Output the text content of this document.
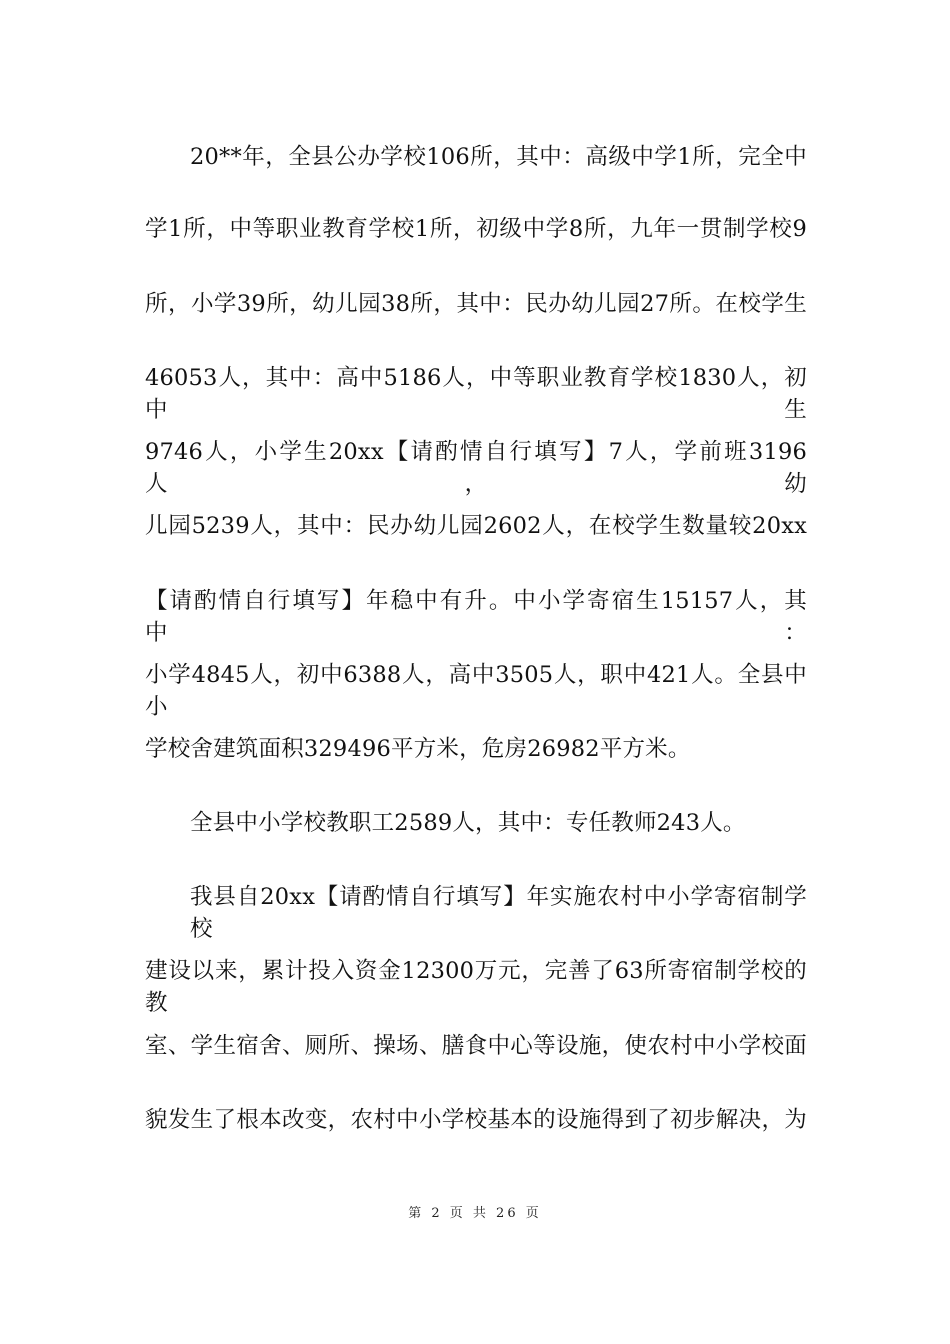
20**年，全县公办学校106所，其中：高级中学1所，完全中
学1所，中等职业教育学校1所，初级中学8所，九年一贯制学校9
所，小学39所，幼儿园38所，其中：民办幼儿园27所。在校学生
46053人，其中：高中5186人，中等职业教育学校1830人，初中生
9746人，小学生20xx【请酌情自行填写】7人，学前班3196人，幼
儿园5239人，其中：民办幼儿园2602人，在校学生数量较20xx
【请酌情自行填写】年稳中有升。中小学寄宿生15157人，其中：
小学4845人，初中6388人，高中3505人，职中421人。全县中小
学校舍建筑面积329496平方米，危房26982平方米。
全县中小学校教职工2589人，其中：专任教师243人。
我县自20xx【请酌情自行填写】年实施农村中小学寄宿制学校
建设以来，累计投入资金12300万元，完善了63所寄宿制学校的教
室、学生宿舍、厕所、操场、膳食中心等设施，使农村中小学校面
貌发生了根本改变，农村中小学校基本的设施得到了初步解决，为
第 2 页 共 26 页
